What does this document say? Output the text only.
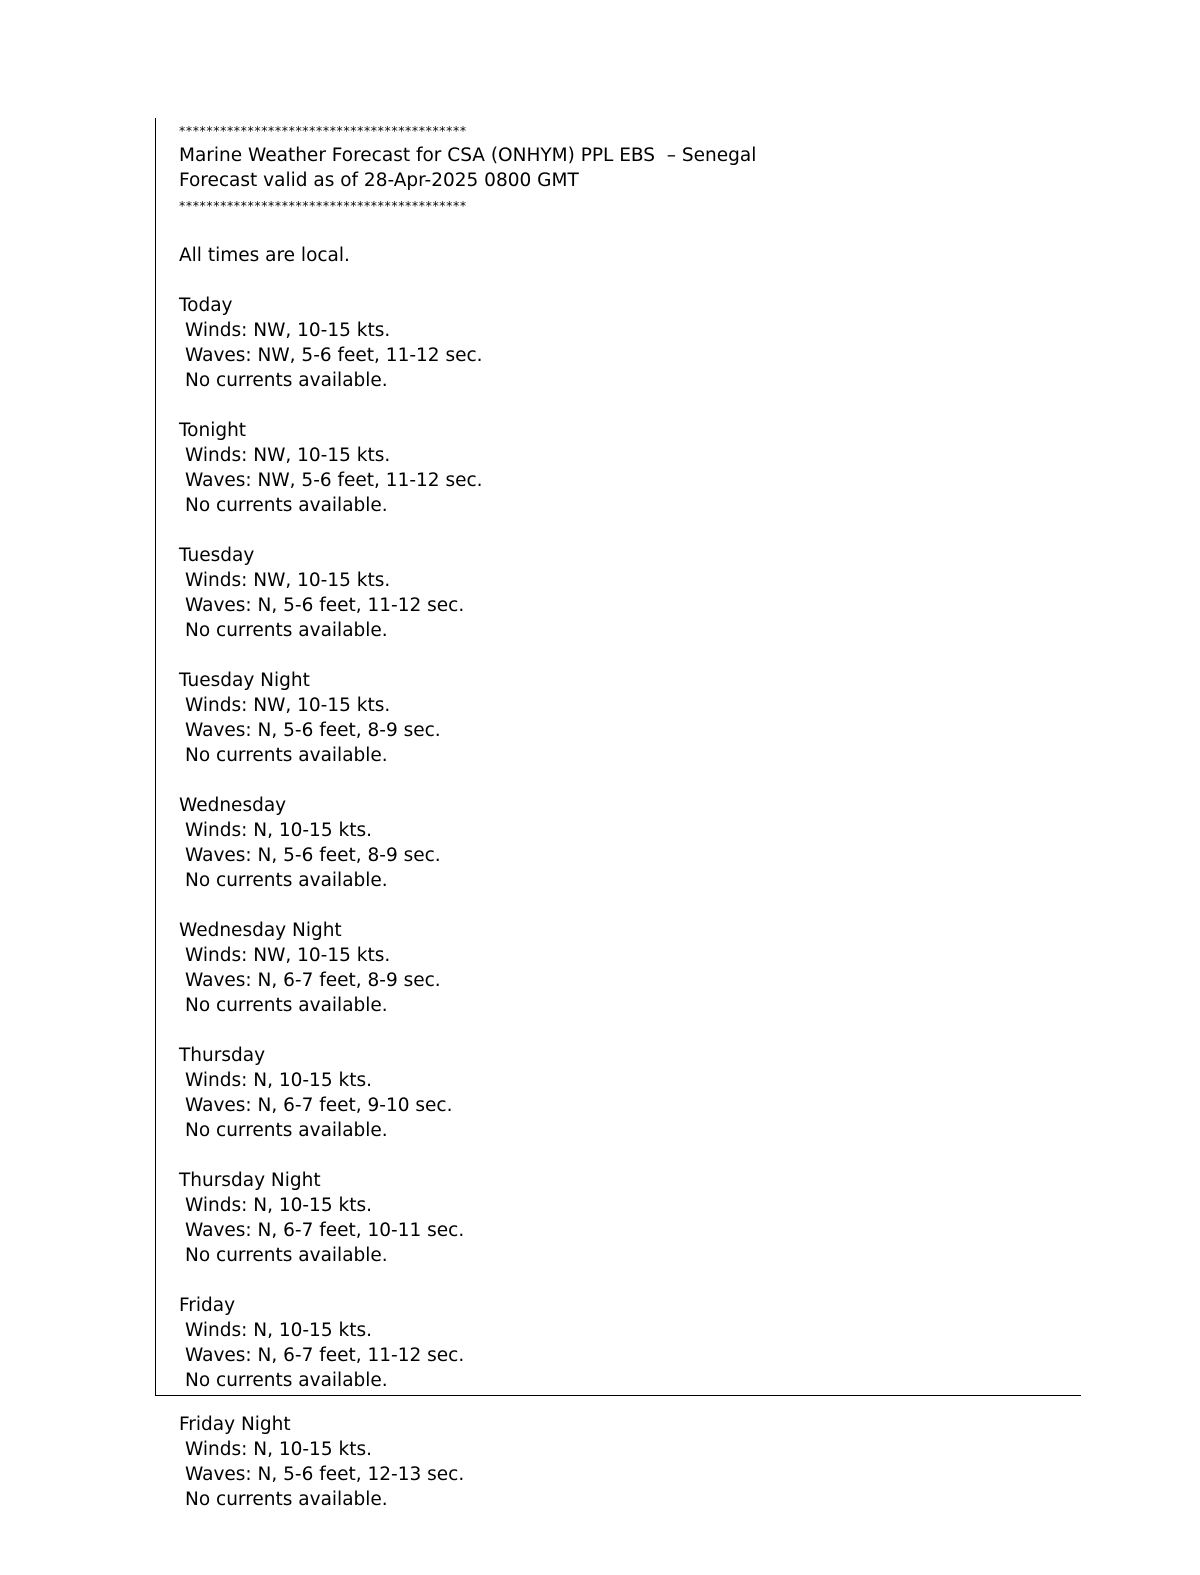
******************************************
Marine Weather Forecast for CSA (ONHYM) PPL EBS  – Senegal
Forecast valid as of 28-Apr-2025 0800 GMT
******************************************
All times are local.
Today
Winds: NW, 10-15 kts.
Waves: NW, 5-6 feet, 11-12 sec.
No currents available.
Tonight
Winds: NW, 10-15 kts.
Waves: NW, 5-6 feet, 11-12 sec.
No currents available.
Tuesday
Winds: NW, 10-15 kts.
Waves: N, 5-6 feet, 11-12 sec.
No currents available.
Tuesday Night
Winds: NW, 10-15 kts.
Waves: N, 5-6 feet, 8-9 sec.
No currents available.
Wednesday
Winds: N, 10-15 kts.
Waves: N, 5-6 feet, 8-9 sec.
No currents available.
Wednesday Night
Winds: NW, 10-15 kts.
Waves: N, 6-7 feet, 8-9 sec.
No currents available.
Thursday
Winds: N, 10-15 kts.
Waves: N, 6-7 feet, 9-10 sec.
No currents available.
Thursday Night
Winds: N, 10-15 kts.
Waves: N, 6-7 feet, 10-11 sec.
No currents available.
Friday
Winds: N, 10-15 kts.
Waves: N, 6-7 feet, 11-12 sec.
No currents available.
Friday Night
Winds: N, 10-15 kts.
Waves: N, 5-6 feet, 12-13 sec.
No currents available.
